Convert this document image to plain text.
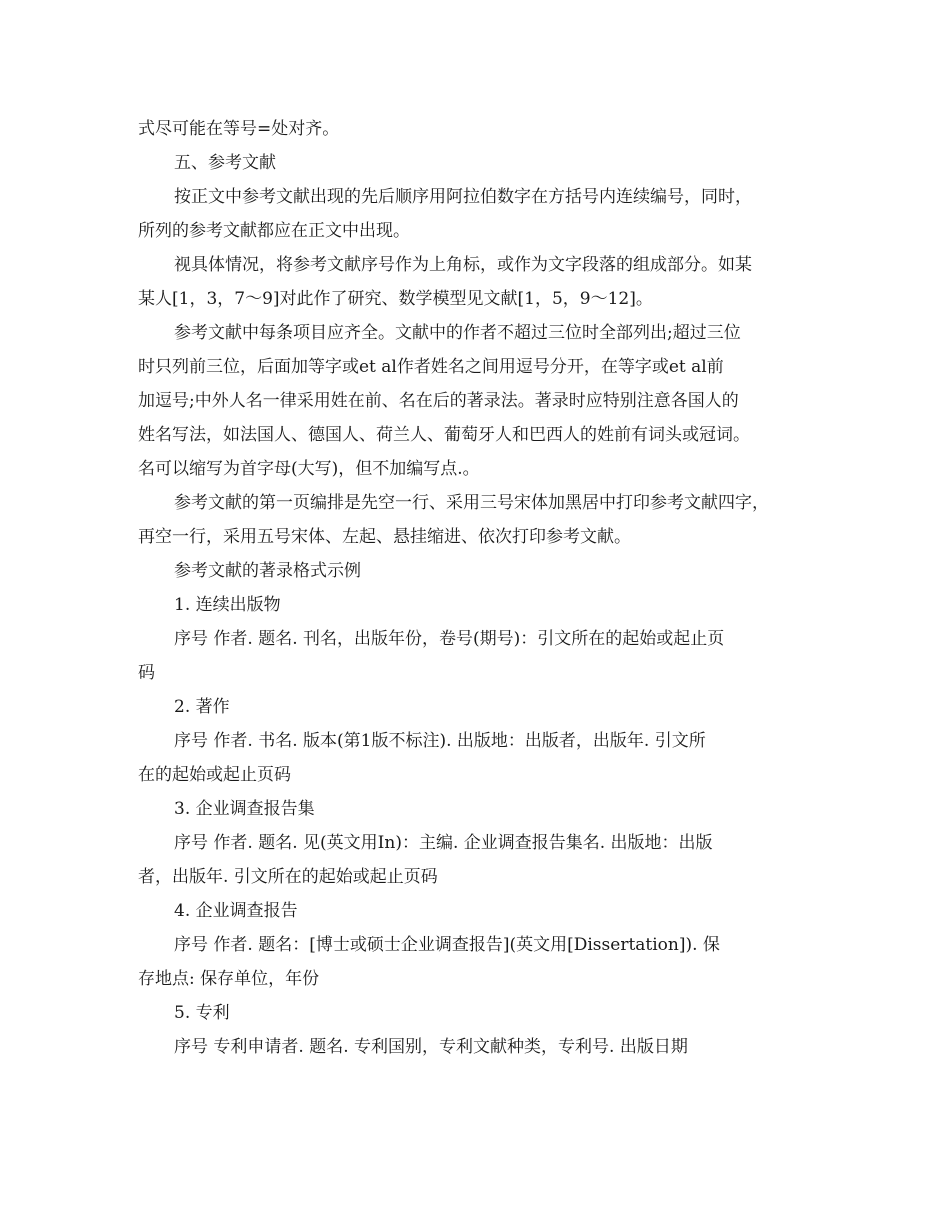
式尽可能在等号=处对齐。
五、参考文献
按正文中参考文献出现的先后顺序用阿拉伯数字在方括号内连续编号，同时，
所列的参考文献都应在正文中出现。
视具体情况，将参考文献序号作为上角标，或作为文字段落的组成部分。如某
某人[1，3，7～9]对此作了研究、数学模型见文献[1，5，9～12]。
参考文献中每条项目应齐全。文献中的作者不超过三位时全部列出;超过三位
时只列前三位，后面加等字或et al作者姓名之间用逗号分开，在等字或et al前
加逗号;中外人名一律采用姓在前、名在后的著录法。著录时应特别注意各国人的
姓名写法，如法国人、德国人、荷兰人、葡萄牙人和巴西人的姓前有词头或冠词。
名可以缩写为首字母(大写)，但不加编写点.。
参考文献的第一页编排是先空一行、采用三号宋体加黑居中打印参考文献四字，
再空一行，采用五号宋体、左起、悬挂缩进、依次打印参考文献。
参考文献的著录格式示例
1. 连续出版物
序号 作者. 题名. 刊名，出版年份，卷号(期号)：引文所在的起始或起止页
码
2. 著作
序号 作者. 书名. 版本(第1版不标注). 出版地：出版者，出版年. 引文所
在的起始或起止页码
3. 企业调查报告集
序号 作者. 题名. 见(英文用In)：主编. 企业调查报告集名. 出版地：出版
者，出版年. 引文所在的起始或起止页码
4. 企业调查报告
序号 作者. 题名：[博士或硕士企业调查报告](英文用[Dissertation]). 保
存地点: 保存单位，年份
5. 专利
序号 专利申请者. 题名. 专利国别，专利文献种类，专利号. 出版日期
